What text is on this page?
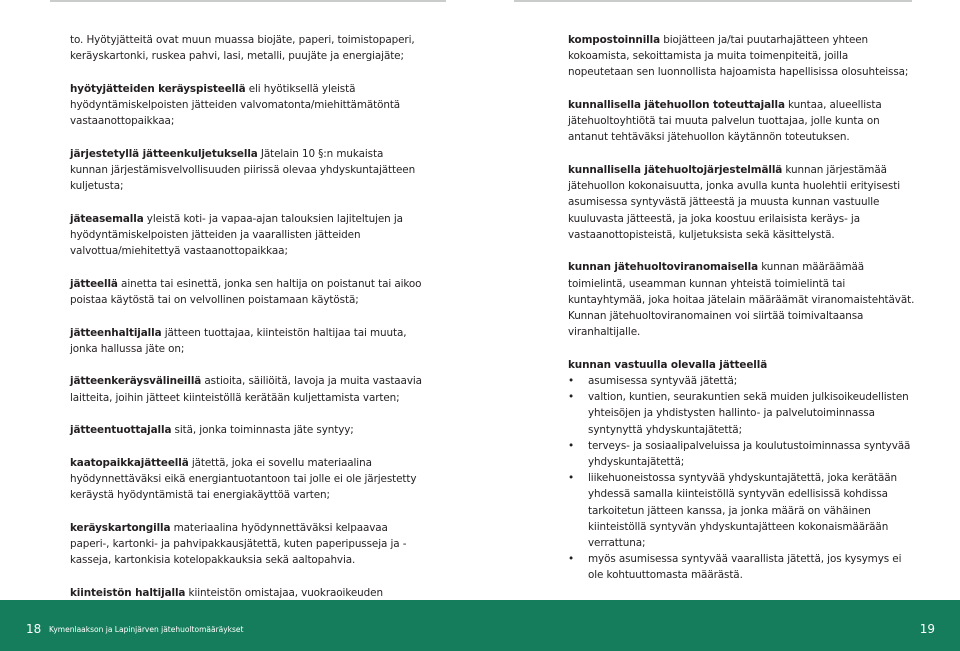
to. Hyötyjätteitä ovat muun muassa biojäte, paperi, toimistopaperi, keräyskartonki, ruskea pahvi, lasi, metalli, puujäte ja energiajäte;

hyötyjätteiden keräyspisteellä eli hyötiksellä yleistä hyödyntämiskelpoisten jätteiden valvomatonta/miehittämätöntä vastaanottopaikkaa;

järjestetyllä jätteenkuljetuksella Jätelain 10 §:n mukaista kunnan järjestämisvelvollisuuden piirissä olevaa yhdyskuntajätteen kuljetusta;

jäteasemalla yleistä koti- ja vapaa-ajan talouksien lajiteltujen ja hyödyntämiskelpoisten jätteiden ja vaarallisten jätteiden valvottua/miehitettyä vastaanottopaikkaa;

jätteellä ainetta tai esinettä, jonka sen haltija on poistanut tai aikoo poistaa käytöstä tai on velvollinen poistamaan käytöstä;

jätteenhaltijalla jätteen tuottajaa, kiinteistön haltijaa tai muuta, jonka hallussa jäte on;

jätteenkeräysvälineillä astioita, säiliöitä, lavoja ja muita vastaavia laitteita, joihin jätteet kiinteistöllä kerätään kuljettamista varten;

jätteentuottajalla sitä, jonka toiminnasta jäte syntyy;

kaatopaikkajätteellä jätettä, joka ei sovellu materiaalina hyödynnettäväksi eikä energiantuotantoon tai jolle ei ole järjestetty keräystä hyödyntämistä tai energiakäyttöä varten;

keräyskartongilla materiaalina hyödynnettäväksi kelpaavaa paperi-, kartonki- ja pahvipakkausjätettä, kuten paperipusseja ja -kasseja, kartonkisia kotelopakkauksia sekä aaltopahvia.

kiinteistön haltijalla kiinteistön omistajaa, vuokraoikeuden

kompostoinnilla biojätteen ja/tai puutarhajätteen yhteen kokoamista, sekoittamista ja muita toimenpiteitä, joilla nopeutetaan sen luonnollista hajoamista hapellisissa olosuhteissa;

kunnallisella jätehuollon toteuttajalla kuntaa, alueellista jätehuoltoyhtiötä tai muuta palvelun tuottajaa, jolle kunta on antanut tehtäväksi jätehuollon käytännön toteutuksen.

kunnallisella jätehuoltojärjestelmällä kunnan järjestämää jätehuollon kokonaisuutta, jonka avulla kunta huolehtii erityisesti asumisessa syntyvästä jätteestä ja muusta kunnan vastuulle kuuluvasta jätteestä, ja joka koostuu erilaisista keräys- ja vastaanottopisteistä, kuljetuksista sekä käsittelystä.

kunnan jätehuoltoviranomaisella kunnan määräämää toimielintä, useamman kunnan yhteistä toimielintä tai kuntayhtymää, joka hoitaa jätelain määräämät viranomaistehtävät. Kunnan jätehuoltoviranomainen voi siirtää toimivaltaansa viranhaltijalle.

kunnan vastuulla olevalla jätteellä
•	asumisessa syntyvää jätettä;
•	valtion, kuntien, seurakuntien sekä muiden julkisoikeudellisten yhteisöjen ja yhdistysten hallinto- ja palvelutoiminnassa syntynyttä yhdyskuntajätettä;
•	terveys- ja sosiaalipalveluissa ja koulutustoiminnassa syntyvää yhdyskuntajätettä;
•	liikehuoneistossa syntyvää yhdyskuntajätettä, joka kerätään yhdessä samalla kiinteistöllä syntyvän edellisissä kohdissa tarkoitetun jätteen kanssa, ja jonka määrä on vähäinen kiinteistöllä syntyvän yhdyskuntajätteen kokonaismäärään verrattuna;
•	myös asumisessa syntyvää vaarallista jätettä, jos kysymys ei ole kohtuuttomasta määrästä.
18 Kymenlaakson ja Lapinjärven jätehuoltomääräykset	19
